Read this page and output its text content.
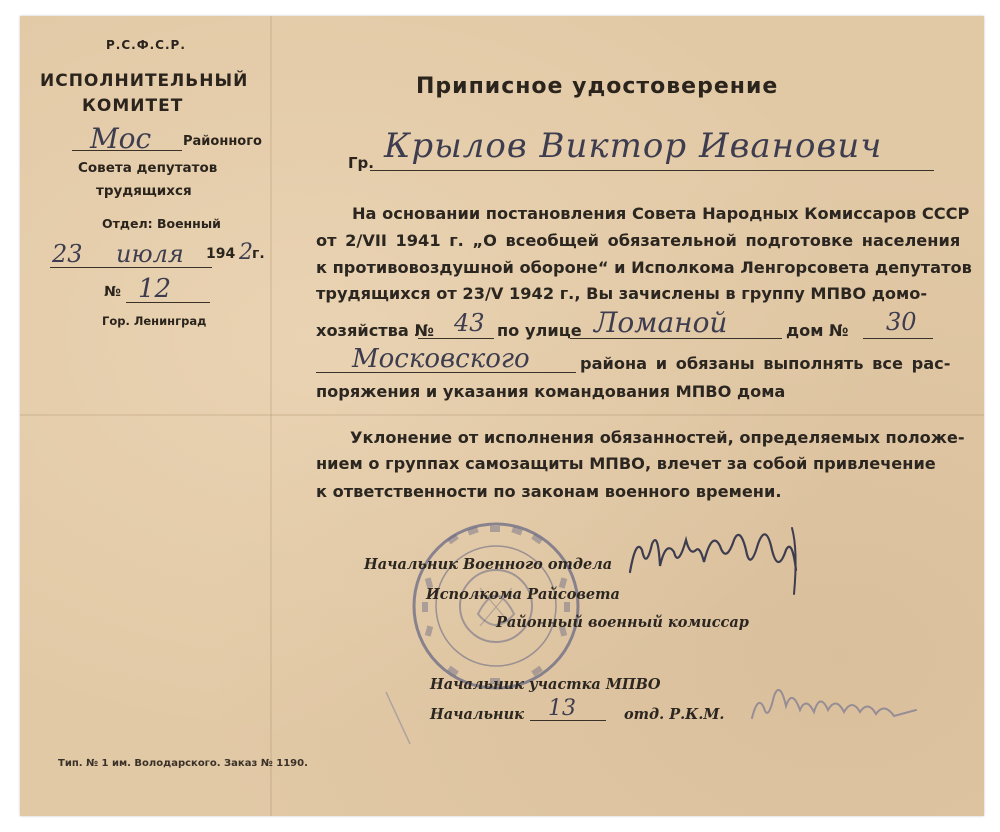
Р.С.Ф.С.Р.
ИСПОЛНИТЕЛЬНЫЙ
КОМИТЕТ
Мос Районного
Совета депутатов
трудящихся
Отдел: Военный
23 июля 194 2 г.
№ 12
Гор. Ленинград
Приписное удостоверение
Гр. Крылов Виктор Иванович
На основании постановления Совета Народных Комиссаров СССР
от 2/VII 1941 г. „О всеобщей обязательной подготовке населения
к противовоздушной обороне“ и Исполкома Ленгорсовета депутатов
трудящихся от 23/V 1942 г., Вы зачислены в группу МПВО домо-
хозяйства № 43 по улице Ломаной	дом № 30
Московского	района и обязаны выполнять все рас-
поряжения и указания командования МПВО дома
Уклонение от исполнения обязанностей, определяемых положе-
нием о группах самозащиты МПВО, влечет за собой привлечение
к ответственности по законам военного времени.
Начальник Военного отдела
Исполкома Райсовета
Районный военный комиссар
Начальник участка МПВО
Начальник 13	отд. Р.К.М.
Тип. № 1 им. Володарского. Заказ № 1190.
